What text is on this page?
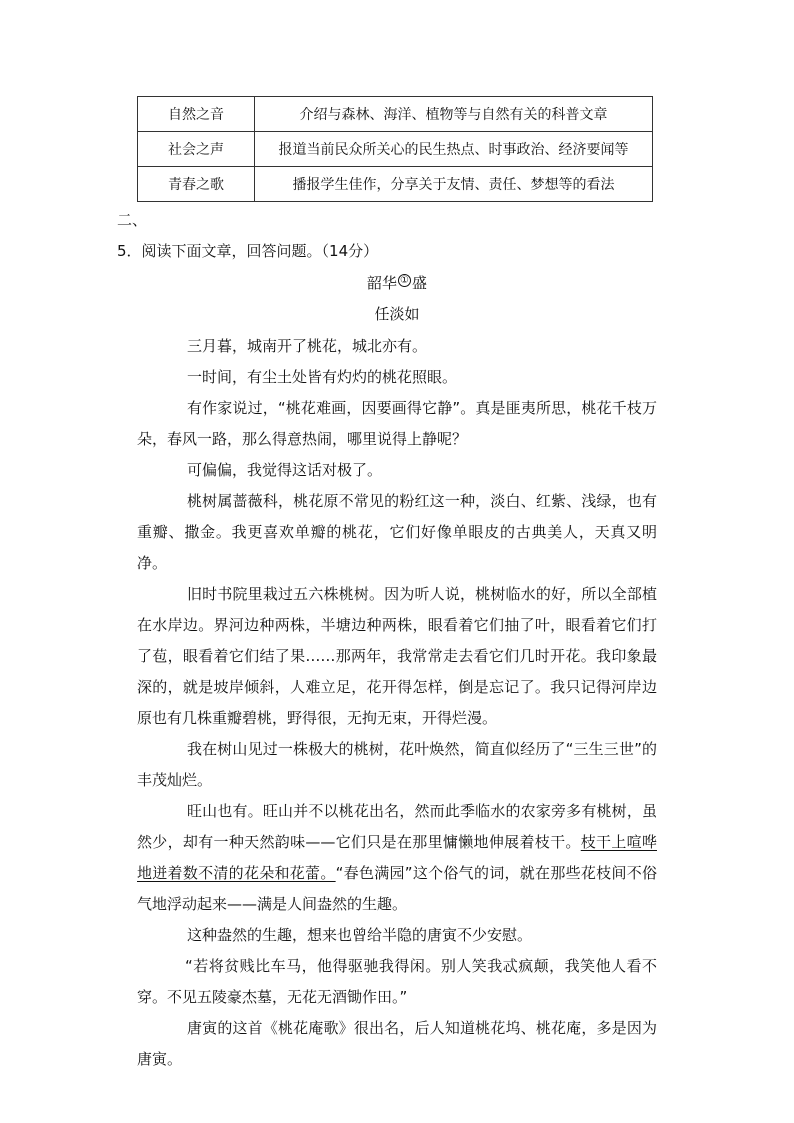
自然之音	介绍与森林、海洋、植物等与自然有关的科普文章
社会之声	报道当前民众所关心的民生热点、时事政治、经济要闻等
青春之歌	播报学生佳作，分享关于友情、责任、梦想等的看法
二、
5．阅读下面文章，回答问题。（14分）
韶华 ① 盛
任淡如

三月暮，城南开了桃花，城北亦有。

一时间，有尘土处皆有灼灼的桃花照眼。

有作家说过，“桃花难画，因要画得它静”。真是匪夷所思，桃花千枝万朵，春风一路，那么得意热闹，哪里说得上静呢？

可偏偏，我觉得这话对极了。

桃树属蔷薇科，桃花原不常见的粉红这一种，淡白、红紫、浅绿，也有重瓣、撒金。我更喜欢单瓣的桃花，它们好像单眼皮的古典美人，天真又明净。

旧时书院里栽过五六株桃树。因为听人说，桃树临水的好，所以全部植在水岸边。界河边种两株，半塘边种两株，眼看着它们抽了叶，眼看着它们打了苞，眼看着它们结了果……那两年，我常常走去看它们几时开花。我印象最深的，就是坡岸倾斜，人难立足，花开得怎样，倒是忘记了。我只记得河岸边原也有几株重瓣碧桃，野得很，无拘无束，开得烂漫。

我在树山见过一株极大的桃树，花叶焕然，简直似经历了“三生三世”的丰茂灿烂。

旺山也有。旺山并不以桃花出名，然而此季临水的农家旁多有桃树，虽然少，却有一种天然韵味——它们只是在那里慵懒地伸展着枝干。枝干上喧哗地迸着数不清的花朵和花蕾。“春色满园”这个俗气的词，就在那些花枝间不俗气地浮动起来——满是人间盎然的生趣。

这种盎然的生趣，想来也曾给半隐的唐寅不少安慰。

“若将贫贱比车马，他得驱驰我得闲。别人笑我忒疯颠，我笑他人看不穿。不见五陵豪杰墓，无花无酒锄作田。”

唐寅的这首《桃花庵歌》很出名，后人知道桃花坞、桃花庵，多是因为唐寅。
